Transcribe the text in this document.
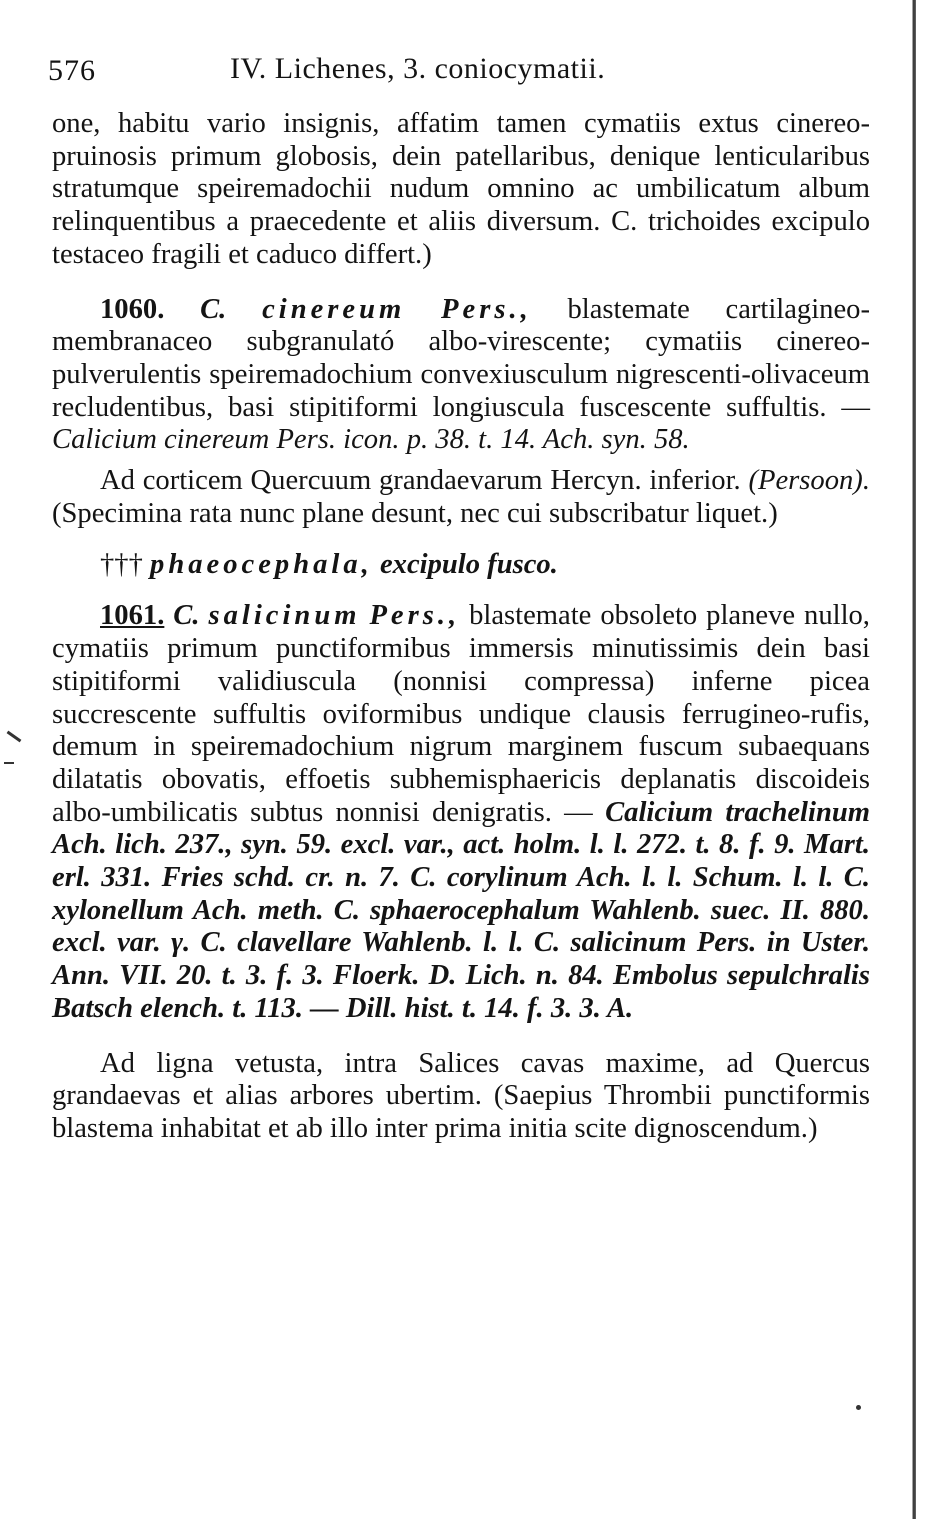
576	IV. Lichenes, 3. coniocymatii.

one, habitu vario insignis, affatim tamen cymatiis extus cinereo-pruinosis primum globosis, dein patellaribus, denique lenticularibus stratumque speiremadochii nudum omnino ac umbilicatum album relinquentibus a praecedente et aliis diversum. C. trichoides excipulo testaceo fragili et caduco differt.)

1060. C. cinereum Pers., blastemate cartilagineo-membranaceo subgranulató albo-virescente; cymatiis cinereo-pulverulentis speiremadochium convexiusculum nigrescenti-olivaceum recludentibus, basi stipitiformi longiuscula fuscescente suffultis. — Calicium cinereum Pers. icon. p. 38. t. 14. Ach. syn. 58.

Ad corticem Quercuum grandaevarum Hercyn. inferior. (Persoon). (Specimina rata nunc plane desunt, nec cui subscribatur liquet.)

††† phaeocephala, excipulo fusco.

1061. C. salicinum Pers., blastemate obsoleto planeve nullo, cymatiis primum punctiformibus immersis minutissimis dein basi stipitiformi validiuscula (nonnisi compressa) inferne picea succrescente suffultis oviformibus undique clausis ferrugineo-rufis, demum in speiremadochium nigrum marginem fuscum subaequans dilatatis obovatis, effoetis subhemisphaericis deplanatis discoideis albo-umbilicatis subtus nonnisi denigratis. — Calicium trachelinum Ach. lich. 237., syn. 59. excl. var., act. holm. l. l. 272. t. 8. f. 9. Mart. erl. 331. Fries schd. cr. n. 7. C. corylinum Ach. l. l. Schum. l. l. C. xylonellum Ach. meth. C. sphaerocephalum Wahlenb. suec. II. 880. excl. var. γ. C. clavellare Wahlenb. l. l. C. salicinum Pers. in Uster. Ann. VII. 20. t. 3. f. 3. Floerk. D. Lich. n. 84. Embolus sepulchralis Batsch elench. t. 113. — Dill. hist. t. 14. f. 3. 3. A.

Ad ligna vetusta, intra Salices cavas maxime, ad Quercus grandaevas et alias arbores ubertim. (Saepius Thrombii punctiformis blastema inhabitat et ab illo inter prima initia scite dignoscendum.)
